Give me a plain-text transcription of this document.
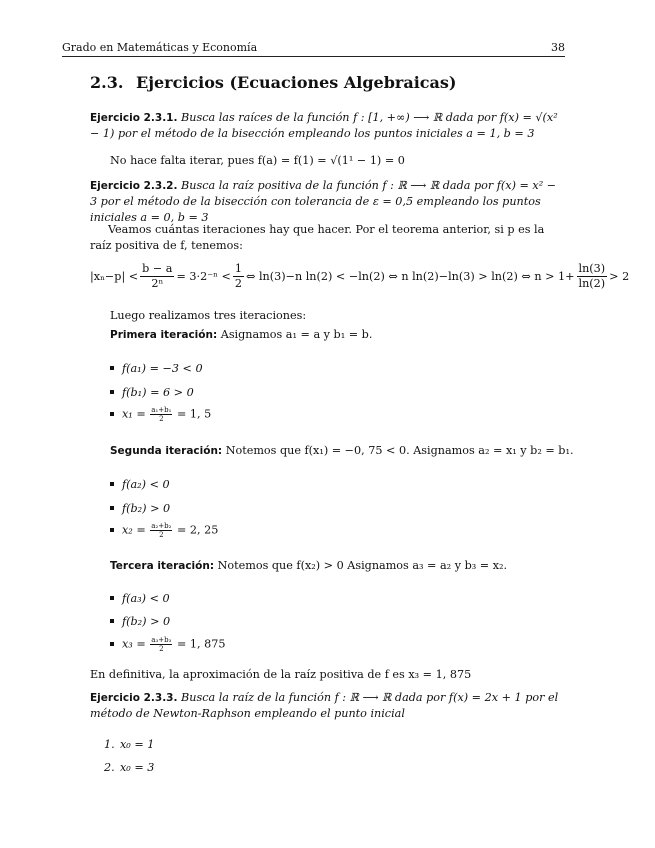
Grado en Matemáticas y Economía	38
2.3. Ejercicios (Ecuaciones Algebraicas)
Ejercicio 2.3.1. Busca las raíces de la función f : [1, +∞) ⟶ ℝ dada por f(x) = √(x² − 1) por el método de la bisección empleando los puntos iniciales a = 1, b = 3
No hace falta iterar, pues f(a) = f(1) = √(1¹ − 1) = 0
Ejercicio 2.3.2. Busca la raíz positiva de la función f : ℝ ⟶ ℝ dada por f(x) = x² − 3 por el método de la bisección con tolerancia de ε = 0,5 empleando los puntos iniciales a = 0, b = 3
Veamos cuántas iteraciones hay que hacer. Por el teorema anterior, si p es la raíz positiva de f, tenemos:
$|x_n-p| < \frac{b - a}{\text{2ⁿ}} = 3\cdot 2^{-n} < \frac{1}{2}$ ⇔ ln(3)−n ln(2) < −ln(2) ⇔ n ln(2)−ln(3) > ln(2) ⇔ $n > 1+ \frac{\ln(3)}{\ln(2)} > 2$
Luego realizamos tres iteraciones:
Primera iteración: Asignamos a₁ = a y b₁ = b.
f(a₁) = −3 < 0
f(b₁) = 6 > 0
$x_1 = \frac{\text{a₁+b₁}}{2} = 1$, 5
Segunda iteración: Notemos que f(x₁) = −0, 75 < 0. Asignamos a₂ = x₁ y b₂ = b₁.
f(a₂) < 0
f(b₂) > 0
$x_2 = \frac{\text{a₂+b₂}}{2} = 2$, 25
Tercera iteración: Notemos que f(x₂) > 0 Asignamos a₃ = a₂ y b₃ = x₂.
f(a₃) < 0
f(b₂) > 0
$x_3 = \frac{\text{a₃+b₃}}{2} = 1$, 875
En definitiva, la aproximación de la raíz positiva de f es x₃ = 1, 875
Ejercicio 2.3.3. Busca la raíz de la función f : ℝ ⟶ ℝ dada por f(x) = 2x + 1 por el método de Newton-Raphson empleando el punto inicial
1. x₀ = 1
2. x₀ = 3
